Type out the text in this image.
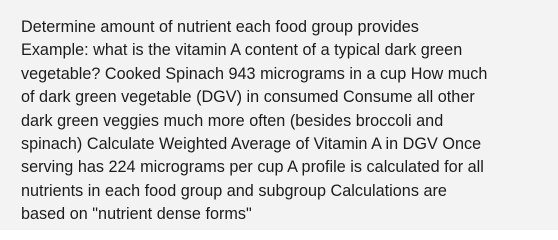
Determine amount of nutrient each food group provides
Example: what is the vitamin A content of a typical dark green
vegetable? Cooked Spinach 943 micrograms in a cup How much
of dark green vegetable (DGV) in consumed Consume all other
dark green veggies much more often (besides broccoli and
spinach) Calculate Weighted Average of Vitamin A in DGV Once
serving has 224 micrograms per cup A profile is calculated for all
nutrients in each food group and subgroup Calculations are
based on "nutrient dense forms"
